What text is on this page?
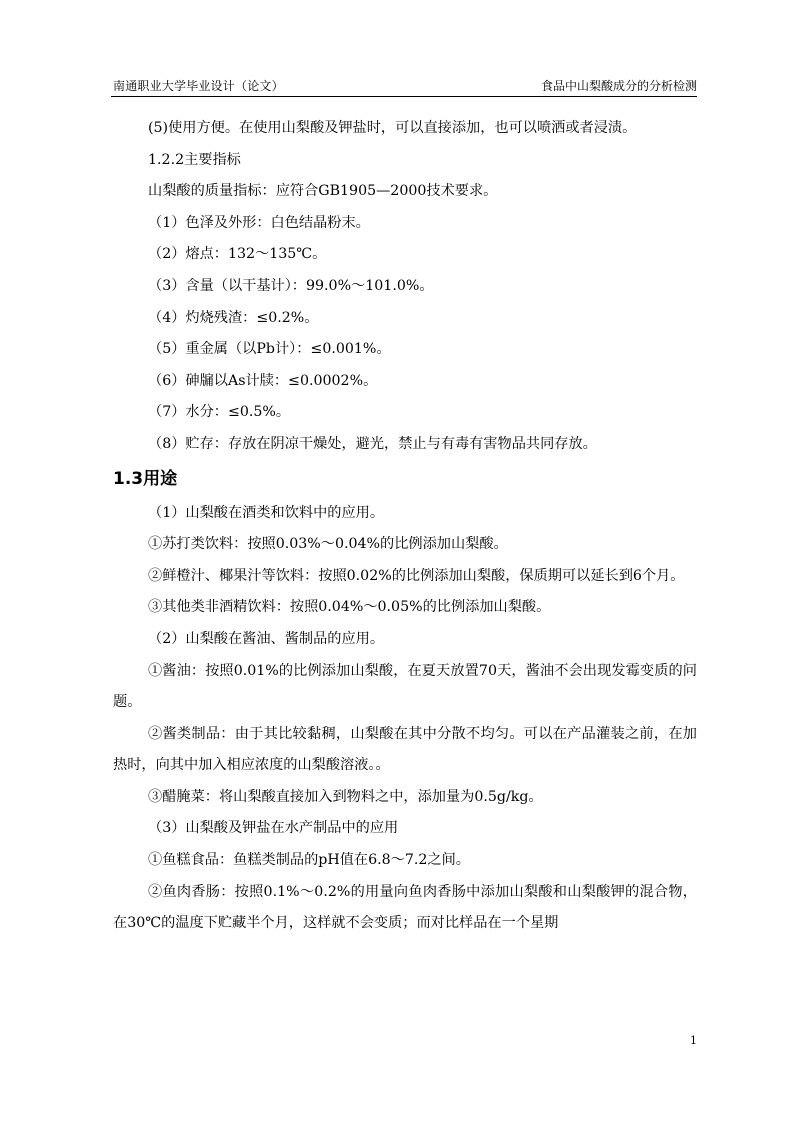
南通职业大学毕业设计（论文）	食品中山梨酸成分的分析检测

(5)使用方便。在使用山梨酸及钾盐时，可以直接添加，也可以喷洒或者浸渍。

1.2.2主要指标

山梨酸的质量指标：应符合GB1905—2000技术要求。

（1）色泽及外形：白色结晶粉末。

（2）熔点：132～135℃。

（3）含量（以干基计）：99.0%～101.0%。

（4）灼烧残渣：≤0.2%。

（5）重金属（以Pb计）：≤0.001%。

（6）砷牖以As计牍：≤0.0002%。

（7）水分：≤0.5%。

（8）贮存：存放在阴凉干燥处，避光，禁止与有毒有害物品共同存放。

1.3用途

（1）山梨酸在酒类和饮料中的应用。

①苏打类饮料：按照0.03%～0.04%的比例添加山梨酸。

②鲜橙汁、椰果汁等饮料：按照0.02%的比例添加山梨酸，保质期可以延长到6个月。

③其他类非酒精饮料：按照0.04%～0.05%的比例添加山梨酸。

（2）山梨酸在酱油、酱制品的应用。

①酱油：按照0.01%的比例添加山梨酸，在夏天放置70天，酱油不会出现发霉变质的问题。

②酱类制品：由于其比较黏稠，山梨酸在其中分散不均匀。可以在产品灌装之前，在加热时，向其中加入相应浓度的山梨酸溶液。。

③醋腌菜：将山梨酸直接加入到物料之中，添加量为0.5g/kg。

（3）山梨酸及钾盐在水产制品中的应用

①鱼糕食品：鱼糕类制品的pH值在6.8～7.2之间。

②鱼肉香肠：按照0.1%～0.2%的用量向鱼肉香肠中添加山梨酸和山梨酸钾的混合物，在30℃的温度下贮藏半个月，这样就不会变质；而对比样品在一个星期

1
